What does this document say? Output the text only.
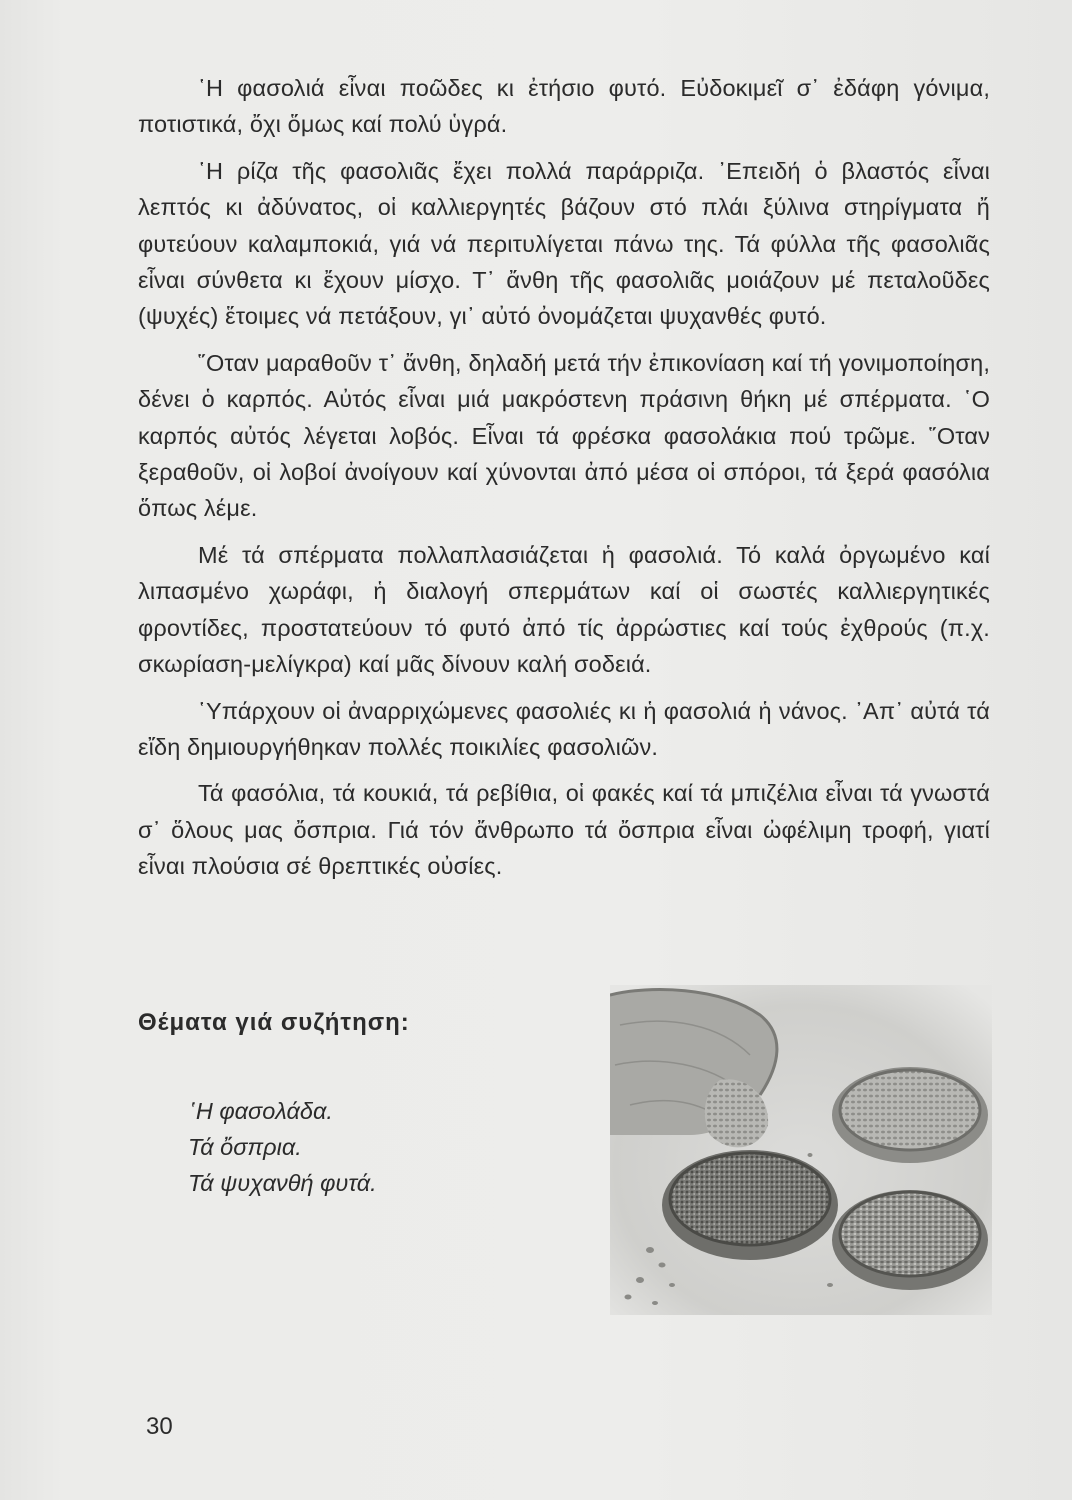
῾Η φασολιά εἶναι ποῶδες κι ἐτήσιο φυτό. Εὐδοκιμεῖ σ᾿ ἐδάφη γόνιμα, ποτιστικά, ὄχι ὅμως καί πολύ ὑγρά.

῾Η ρίζα τῆς φασολιᾶς ἔχει πολλά παράρριζα. ᾿Επειδή ὁ βλαστός εἶναι λεπτός κι ἀδύνατος, οἱ καλλιεργητές βάζουν στό πλάι ξύλινα στηρίγματα ἤ φυτεύουν καλαμποκιά, γιά νά περιτυλίγεται πάνω της. Τά φύλλα τῆς φασολιᾶς εἶναι σύνθετα κι ἔχουν μίσχο. Τ᾿ ἄνθη τῆς φασολιᾶς μοιάζουν μέ πεταλοῦδες (ψυχές) ἕτοιμες νά πετάξουν, γι᾿ αὐτό ὀνομάζεται ψυχανθές φυτό.

῞Οταν μαραθοῦν τ᾿ ἄνθη, δηλαδή μετά τήν ἐπικονίαση καί τή γονιμοποίηση, δένει ὁ καρπός. Αὐτός εἶναι μιά μακρόστενη πράσινη θήκη μέ σπέρματα. ῾Ο καρπός αὐτός λέγεται λοβός. Εἶναι τά φρέσκα φασολάκια πού τρῶμε. ῞Οταν ξεραθοῦν, οἱ λοβοί ἀνοίγουν καί χύνονται ἀπό μέσα οἱ σπόροι, τά ξερά φασόλια ὅπως λέμε.

Μέ τά σπέρματα πολλαπλασιάζεται ἡ φασολιά. Τό καλά ὀργωμένο καί λιπασμένο χωράφι, ἡ διαλογή σπερμάτων καί οἱ σωστές καλλιεργητικές φροντίδες, προστατεύουν τό φυτό ἀπό τίς ἀρρώστιες καί τούς ἐχθρούς (π.χ. σκωρίαση-μελίγκρα) καί μᾶς δίνουν καλή σοδειά.

῾Υπάρχουν οἱ ἀναρριχώμενες φασολιές κι ἡ φασολιά ἡ νάνος. ᾿Απ᾿ αὐτά τά εἴδη δημιουργήθηκαν πολλές ποικιλίες φασολιῶν.

Τά φασόλια, τά κουκιά, τά ρεβίθια, οἱ φακές καί τά μπιζέλια εἶναι τά γνωστά σ᾿ ὅλους μας ὄσπρια. Γιά τόν ἄνθρωπο τά ὄσπρια εἶναι ὠφέλιμη τροφή, γιατί εἶναι πλούσια σέ θρεπτικές οὐσίες.

Θέματα γιά συζήτηση:
῾Η φασολάδα.
Τά ὄσπρια.
Τά ψυχανθή φυτά.
30
